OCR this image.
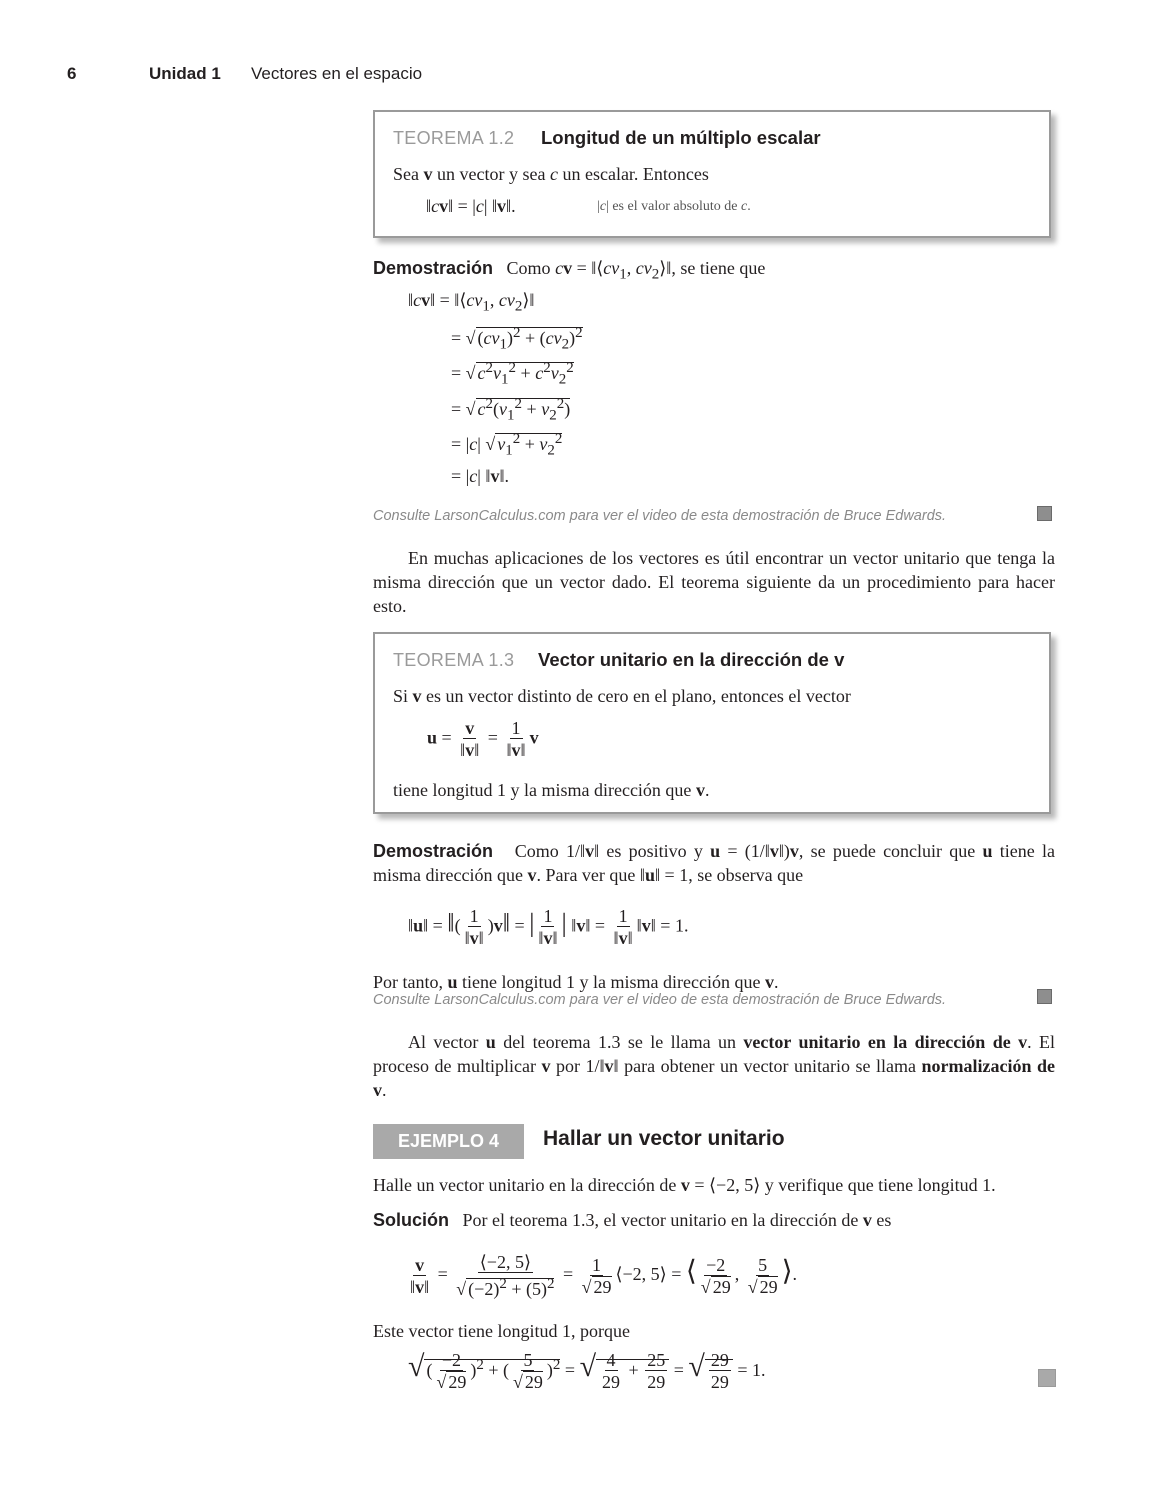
6	Unidad 1 Vectores en el espacio
TEOREMA 1.2 Longitud de un múltiplo escalar
Sea v un vector y sea c un escalar. Entonces
‖cv‖ = |c| ‖v‖.	|c| es el valor absoluto de c.
Demostración   Como cv = $‖⟨cv_1$, $cv_2⟩‖$, se tiene que
‖cv‖ = $‖⟨cv_1$, $cv_2⟩‖$
= √ $(cv_1)^2 + (cv_2)^2$
= √ $c^2v_1^2 + c^2v_2^2$
= √ $c^2(v_1^2 + v_2^2)$
= |c| √ $v_1^2 + v_2^2$
= |c| ‖v‖.
Consulte LarsonCalculus.com para ver el video de esta demostración de Bruce Edwards.
En muchas aplicaciones de los vectores es útil encontrar un vector unitario que tenga la misma dirección que un vector dado. El teorema siguiente da un procedimiento para hacer esto.
TEOREMA 1.3 Vector unitario en la dirección de v
Si v es un vector distinto de cero en el plano, entonces el vector
$u = \frac{v}{‖v‖} = \frac{1}{‖v‖}$ v
tiene longitud 1 y la misma dirección que v.
Demostración   Como 1/‖v‖ es positivo y u = (1/‖v‖)v, se puede concluir que u tiene la misma dirección que v. Para ver que ‖u‖ = 1, se observa que
‖u‖ = ‖( $\frac{1}{‖v‖}$ )v‖ = | $\frac{1}{‖v‖}$ | ‖v‖ = $\frac{1}{‖v‖}$ ‖v‖ = 1.
Por tanto, u tiene longitud 1 y la misma dirección que v.
Consulte LarsonCalculus.com para ver el video de esta demostración de Bruce Edwards.
Al vector u del teorema 1.3 se le llama un vector unitario en la dirección de v. El proceso de multiplicar v por 1/‖v‖ para obtener un vector unitario se llama normalización de v.
EJEMPLO 4	Hallar un vector unitario
Halle un vector unitario en la dirección de v = ⟨−2, 5⟩ y verifique que tiene longitud 1.
Solución   Por el teorema 1.3, el vector unitario en la dirección de v es
$\frac{v}{‖v‖} = \frac{⟨-2, 5⟩}{√ (-2)^2 + (5)^2} = \frac{1}{√ 29}$ ⟨−2, 5⟩ = ⟨ $\frac{-2}{√ 29}$ , $\frac{5}{√ 29}$ ⟩.
Este vector tiene longitud 1, porque
√ ( $\frac{-2}{√ 29} )^2$ + ( $\frac{5}{√ 29} )^2$ = √ $\frac{4}{29} + \frac{25}{29}$ = √ $\frac{29}{29} = 1$.
